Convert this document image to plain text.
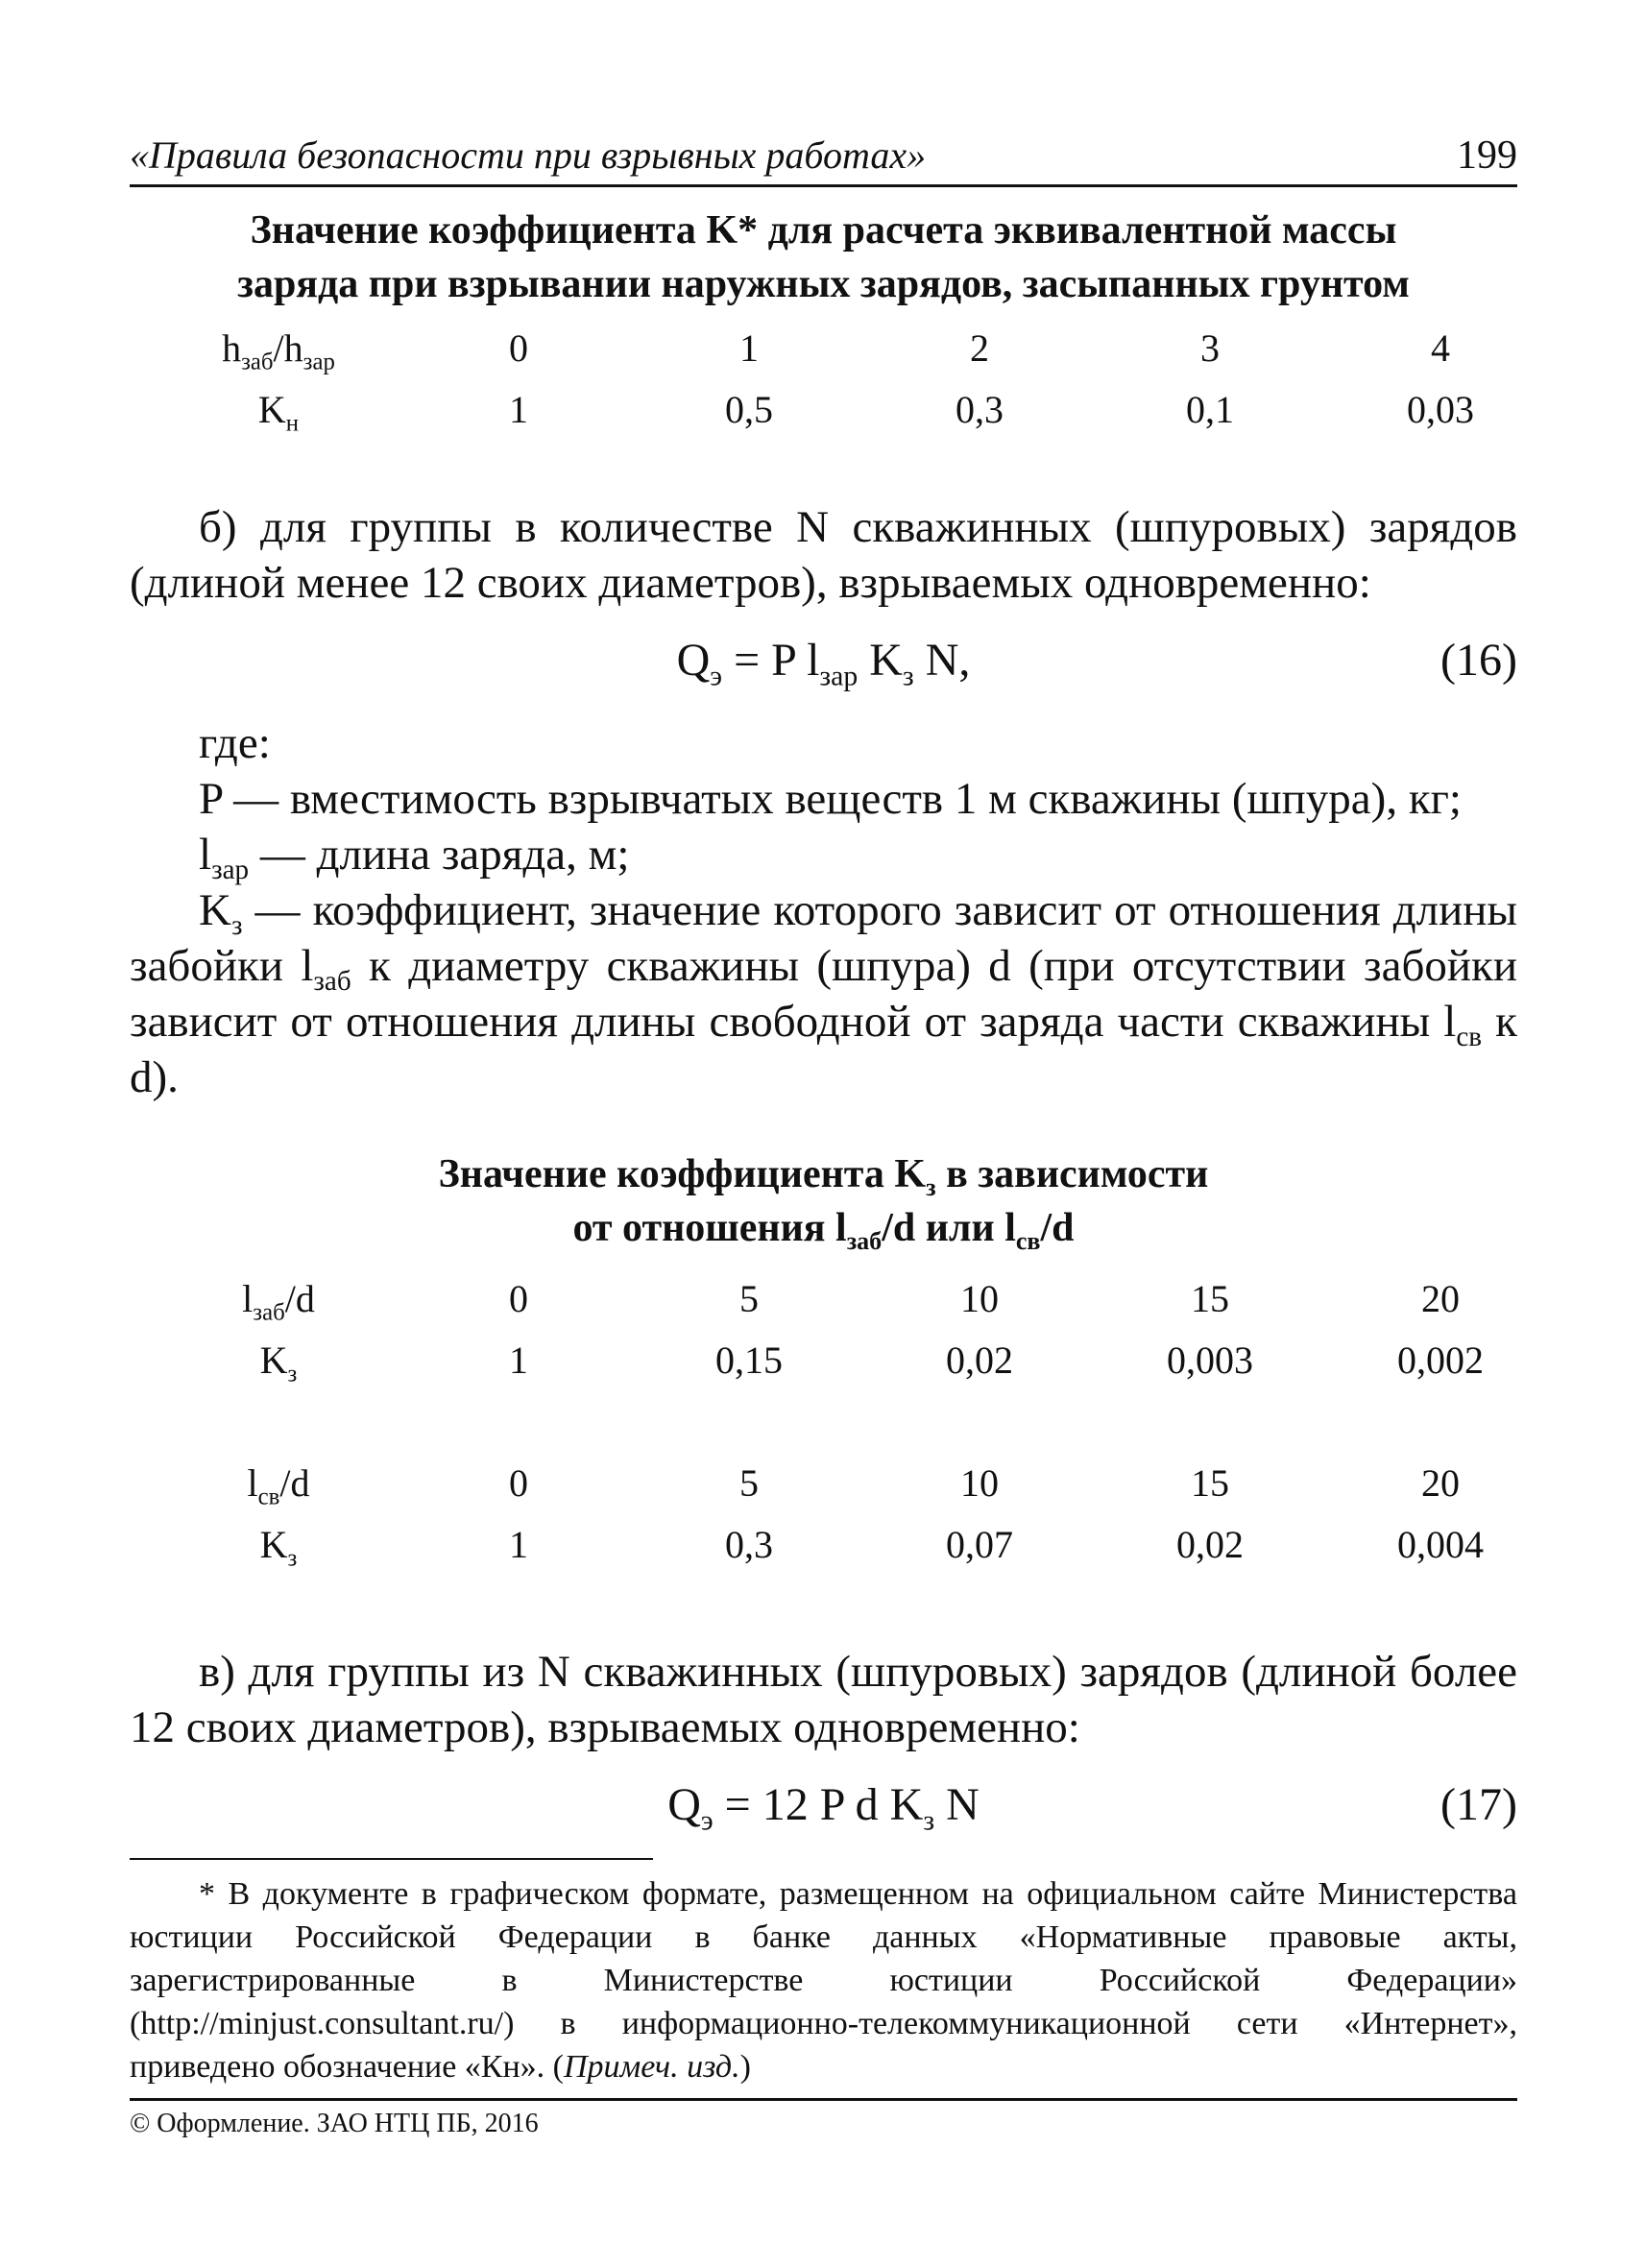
«Правила безопасности при взрывных работах»	199
Значение коэффициента K* для расчета эквивалентной массы
заряда при взрывании наружных зарядов, засыпанных грунтом
$h_{заб}/h_{зар}$	0	1	2	3	4
$K_н$	1	0,5	0,3	0,1	0,03

б) для группы в количестве N скважинных (шпуровых) зарядов (длиной менее 12 своих диаметров), взрываемых одновременно:

$Q_э = P$ $l_{зар}$ $K_з$ N,	(16)

где:

P — вместимость взрывчатых веществ 1 м скважины (шпура), кг;

$l_{зар}$ — длина заряда, м;

$K_з$ — коэффициент, значение которого зависит от отношения длины забойки $l_{заб}$ к диаметру скважины (шпура) d (при отсутствии забойки зависит от отношения длины свободной от заряда части скважины $l_{св}$ к d).

Значение коэффициента $K_з$ в зависимости
от отношения $l_{заб}/d$ или $l_{св}/d$
$l_{заб}/d$	0	5	10	15	20
$K_з$	1	0,15	0,02	0,003	0,002
$l_{св}/d$	0	5	10	15	20
$K_з$	1	0,3	0,07	0,02	0,004

в) для группы из N скважинных (шпуровых) зарядов (длиной более 12 своих диаметров), взрываемых одновременно:

$Q_э = 12$ P d $K_з$ N	(17)

* В документе в графическом формате, размещенном на официальном сайте Министерства юстиции Российской Федерации в банке данных «Нормативные правовые акты, зарегистрированные в Министерстве юстиции Российской Федерации» (http://minjust.consultant.ru/) в информационно-телекоммуникационной сети «Интернет», приведено обозначение «Кн». (Примеч. изд.)

© Оформление. ЗАО НТЦ ПБ, 2016
